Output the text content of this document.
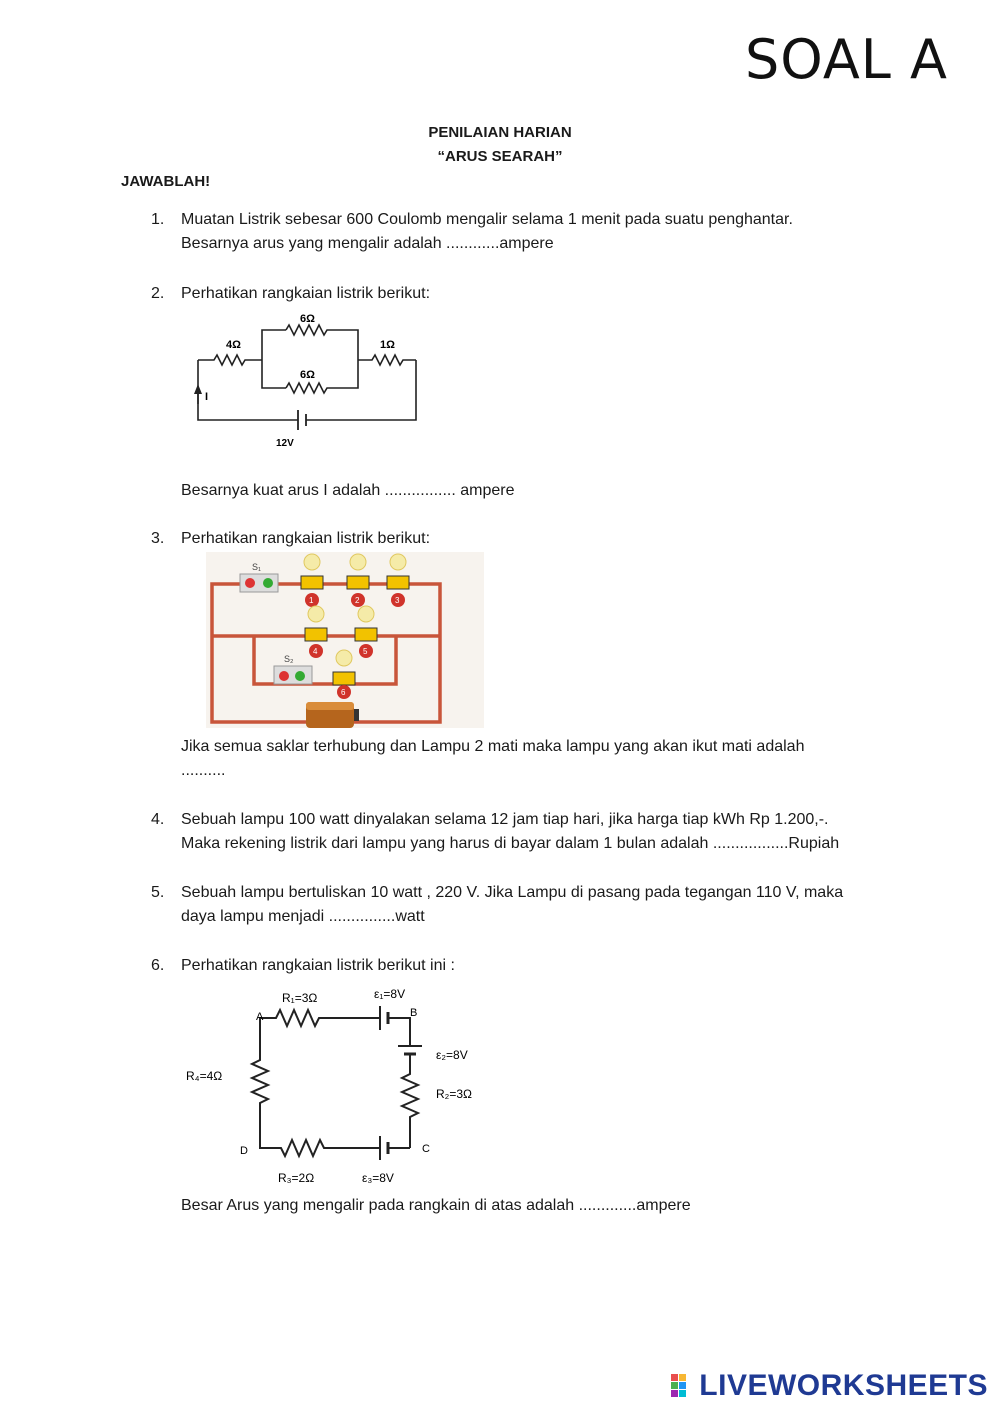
SOAL A
PENILAIAN HARIAN
“ARUS SEARAH”
JAWABLAH!
1. Muatan Listrik sebesar 600 Coulomb mengalir selama 1 menit pada suatu penghantar.
Besarnya arus yang mengalir adalah ............ampere
2. Perhatikan rangkaian listrik berikut:
4Ω
6Ω
6Ω
1Ω
I
12V
Besarnya kuat arus I adalah ................ ampere
3. Perhatikan rangkaian listrik berikut:
S₁
S₂
1	2	3
4	5
6
Jika semua saklar terhubung dan Lampu 2 mati maka lampu yang akan ikut mati adalah
..........
4. Sebuah lampu 100 watt dinyalakan selama 12 jam tiap hari, jika harga tiap kWh Rp 1.200,-.
Maka rekening listrik dari lampu yang harus di bayar dalam 1 bulan adalah .................Rupiah
5. Sebuah lampu bertuliskan 10 watt , 220 V. Jika Lampu di pasang pada tegangan 110 V, maka
daya lampu menjadi ...............watt
6. Perhatikan rangkaian listrik berikut ini :
R₁=3Ω	ε₁=8V
ε₂=8V
R₂=3Ω
R₃=2Ω	ε₃=8V
R₄=4Ω
A	B
C
D
Besar Arus yang mengalir pada rangkain di atas adalah .............ampere
LIVEWORKSHEETS
